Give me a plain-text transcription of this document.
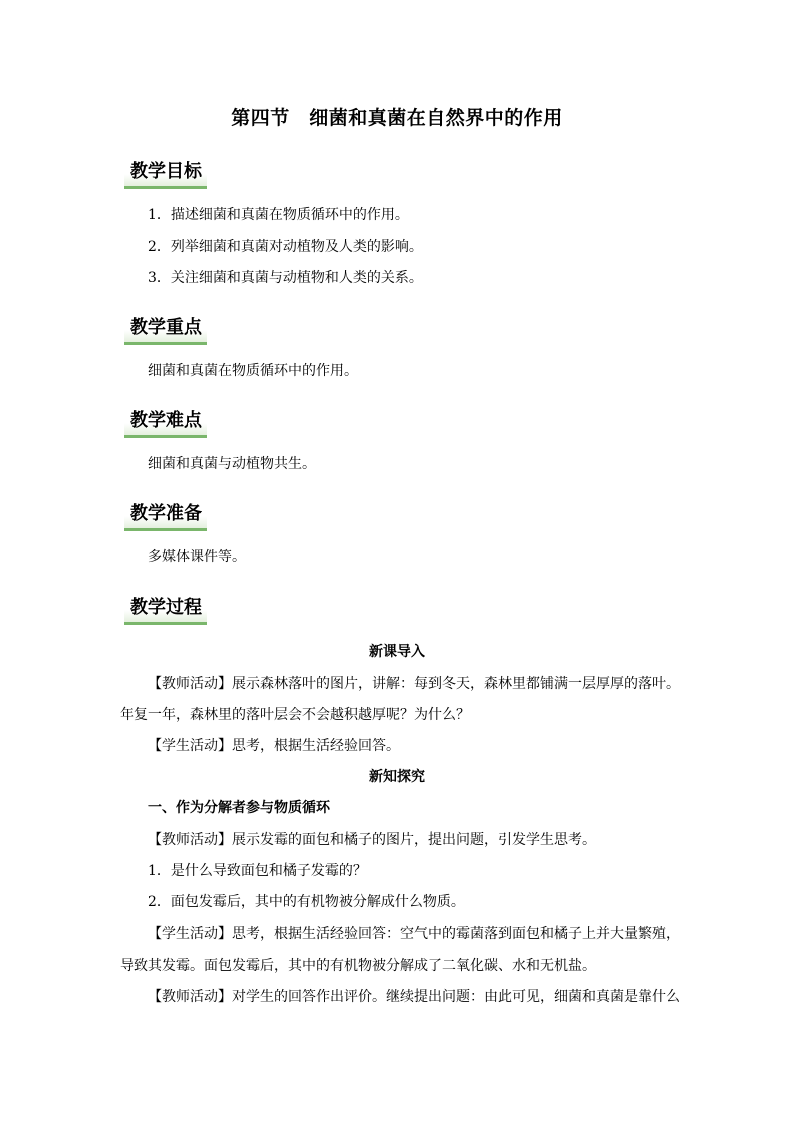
第四节　细菌和真菌在自然界中的作用
教学目标
1．描述细菌和真菌在物质循环中的作用。
2．列举细菌和真菌对动植物及人类的影响。
3．关注细菌和真菌与动植物和人类的关系。
教学重点
细菌和真菌在物质循环中的作用。
教学难点
细菌和真菌与动植物共生。
教学准备
多媒体课件等。
教学过程
新课导入
【教师活动】展示森林落叶的图片，讲解：每到冬天，森林里都铺满一层厚厚的落叶。
年复一年，森林里的落叶层会不会越积越厚呢？为什么？
【学生活动】思考，根据生活经验回答。
新知探究
一、作为分解者参与物质循环
【教师活动】展示发霉的面包和橘子的图片，提出问题，引发学生思考。
1．是什么导致面包和橘子发霉的？
2．面包发霉后，其中的有机物被分解成什么物质。
【学生活动】思考，根据生活经验回答：空气中的霉菌落到面包和橘子上并大量繁殖，
导致其发霉。面包发霉后，其中的有机物被分解成了二氧化碳、水和无机盐。
【教师活动】对学生的回答作出评价。继续提出问题：由此可见，细菌和真菌是靠什么
